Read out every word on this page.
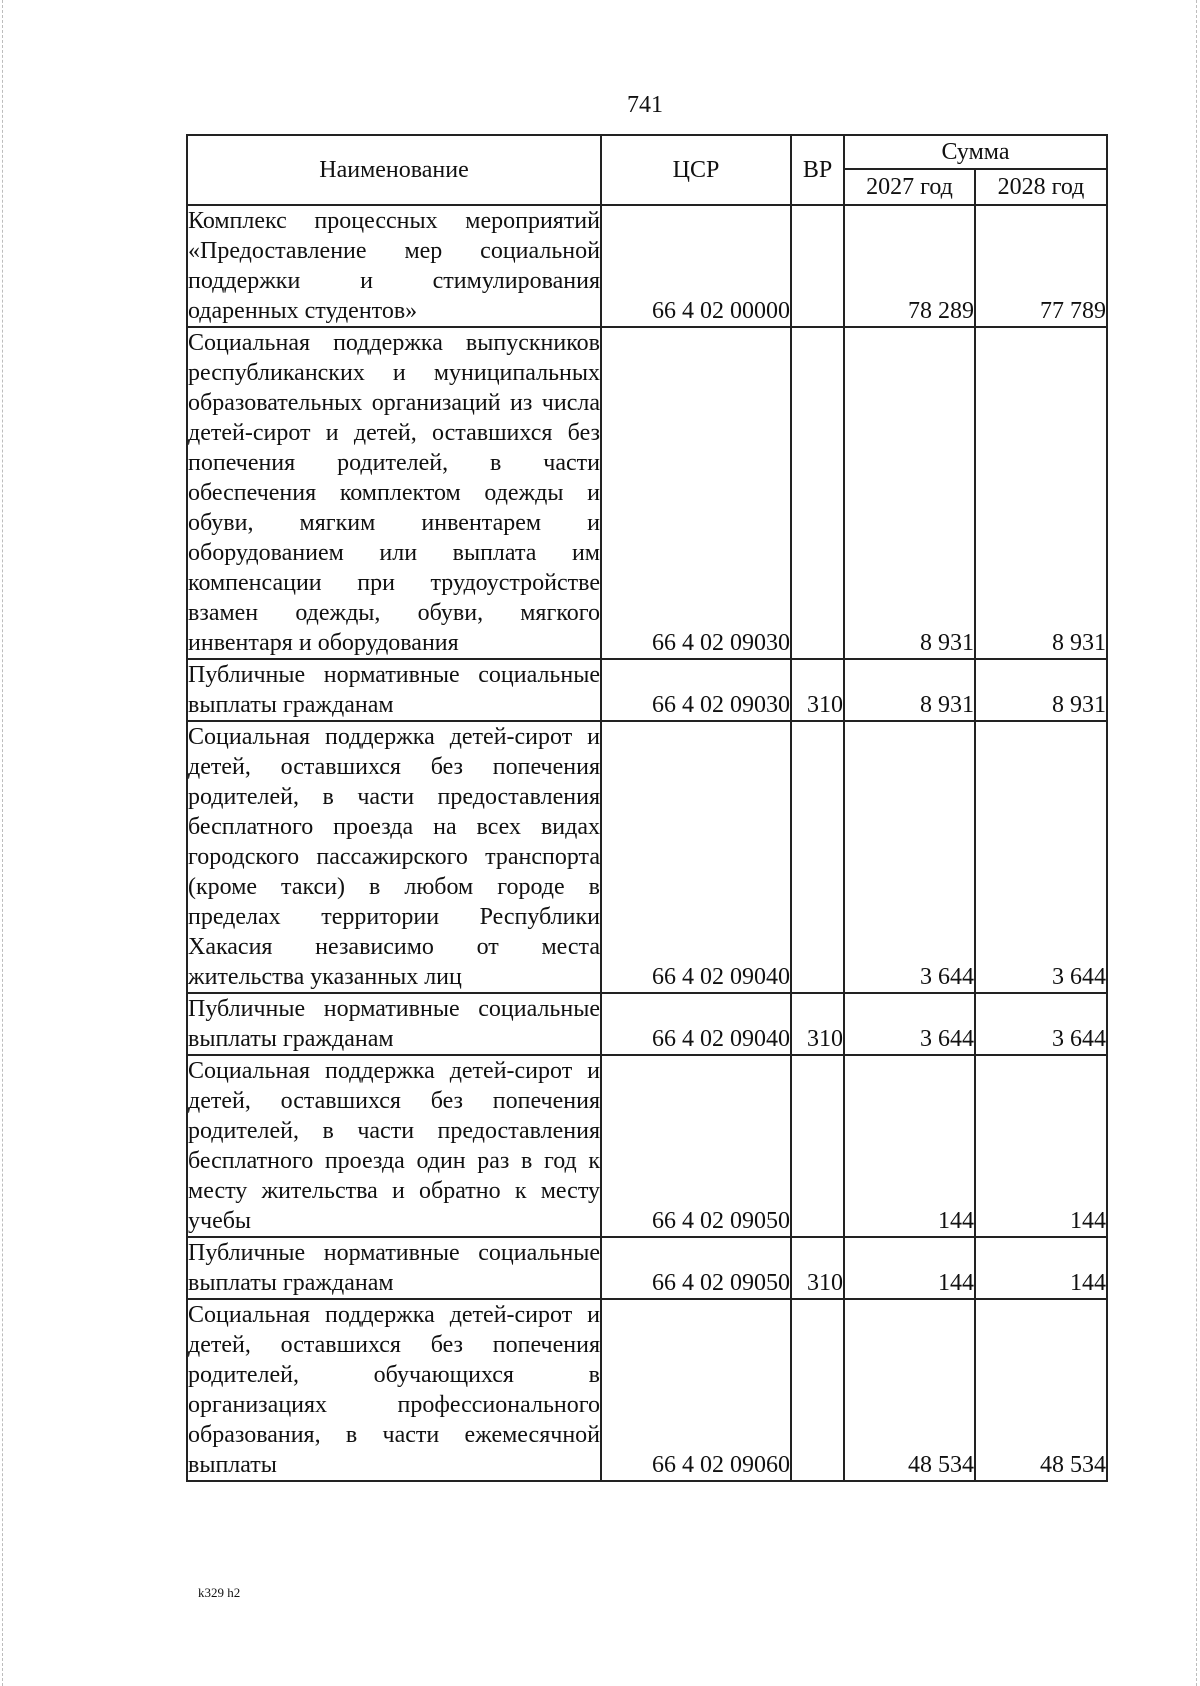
741
Наименование	ЦСР	ВР	Сумма	
			2027 год	2028 год
Комплекс процессных мероприятий «Предоставление мер социальной поддержки и стимулирования одаренных студентов»	66 4 02 00000		78 289	77 789
Социальная поддержка выпускников республиканских и муниципальных образовательных организаций из числа детей-сирот и детей, оставшихся без попечения родителей, в части обеспечения комплектом одежды и обуви, мягким инвентарем и оборудованием или выплата им компенсации при трудоустройстве взамен одежды, обуви, мягкого инвентаря и оборудования	66 4 02 09030		8 931	8 931
Публичные нормативные социальные выплаты гражданам	66 4 02 09030	310	8 931	8 931
Социальная поддержка детей-сирот и детей, оставшихся без попечения родителей, в части предоставления бесплатного проезда на всех видах городского пассажирского транспорта (кроме такси) в любом городе в пределах территории Республики Хакасия независимо от места жительства указанных лиц	66 4 02 09040		3 644	3 644
Публичные нормативные социальные выплаты гражданам	66 4 02 09040	310	3 644	3 644
Социальная поддержка детей-сирот и детей, оставшихся без попечения родителей, в части предоставления бесплатного проезда один раз в год к месту жительства и обратно к месту учебы	66 4 02 09050		144	144
Публичные нормативные социальные выплаты гражданам	66 4 02 09050	310	144	144
Социальная поддержка детей-сирот и детей, оставшихся без попечения родителей, обучающихся в организациях профессионального образования, в части ежемесячной выплаты	66 4 02 09060		48 534	48 534
k329 h2
